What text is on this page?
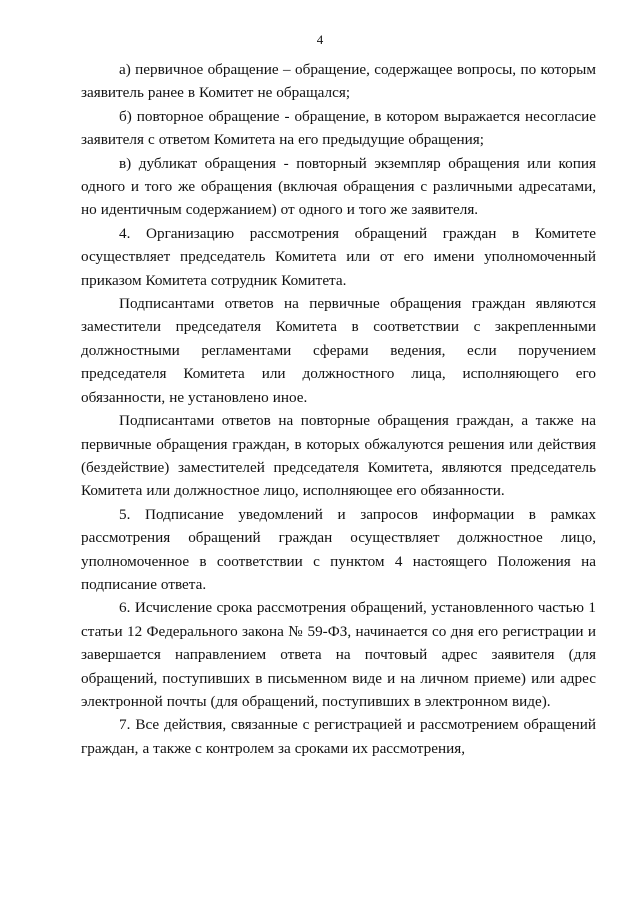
4

а) первичное обращение – обращение, содержащее вопросы, по которым заявитель ранее в Комитет не обращался;

б) повторное обращение - обращение, в котором выражается несогласие заявителя с ответом Комитета на его предыдущие обращения;

в) дубликат обращения - повторный экземпляр обращения или копия одного и того же обращения (включая обращения с различными адресатами, но идентичным содержанием) от одного и того же заявителя.

4. Организацию рассмотрения обращений граждан в Комитете осуществляет председатель Комитета или от его имени уполномоченный приказом Комитета сотрудник Комитета.

Подписантами ответов на первичные обращения граждан являются заместители председателя Комитета в соответствии с закрепленными должностными регламентами сферами ведения, если поручением председателя Комитета или должностного лица, исполняющего его обязанности, не установлено иное.

Подписантами ответов на повторные обращения граждан, а также на первичные обращения граждан, в которых обжалуются решения или действия (бездействие) заместителей председателя Комитета, являются председатель Комитета или должностное лицо, исполняющее его обязанности.

5. Подписание уведомлений и запросов информации в рамках рассмотрения обращений граждан осуществляет должностное лицо, уполномоченное в соответствии с пунктом 4 настоящего Положения на подписание ответа.

6. Исчисление срока рассмотрения обращений, установленного частью 1 статьи 12 Федерального закона № 59-ФЗ, начинается со дня его регистрации и завершается направлением ответа на почтовый адрес заявителя (для обращений, поступивших в письменном виде и на личном приеме) или адрес электронной почты (для обращений, поступивших в электронном виде).

7. Все действия, связанные с регистрацией и рассмотрением обращений граждан, а также с контролем за сроками их рассмотрения,
